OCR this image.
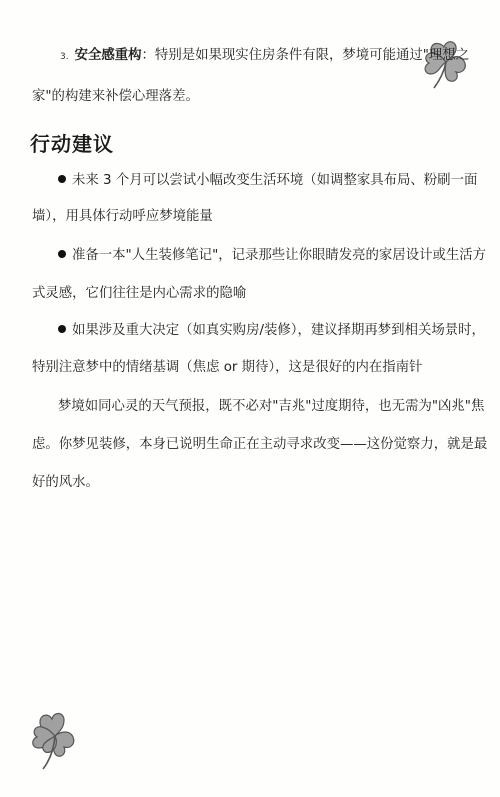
3. 安全感重构：特别是如果现实住房条件有限，梦境可能通过"理想之
家"的构建来补偿心理落差。
行动建议
未来 3 个月可以尝试小幅改变生活环境（如调整家具布局、粉刷一面
墙），用具体行动呼应梦境能量
准备一本"人生装修笔记"，记录那些让你眼睛发亮的家居设计或生活方
式灵感，它们往往是内心需求的隐喻
如果涉及重大决定（如真实购房/装修），建议择期再梦到相关场景时，
特别注意梦中的情绪基调（焦虑 or 期待），这是很好的内在指南针
梦境如同心灵的天气预报，既不必对"吉兆"过度期待，也无需为"凶兆"焦
虑。你梦见装修，本身已说明生命正在主动寻求改变——这份觉察力，就是最
好的风水。
